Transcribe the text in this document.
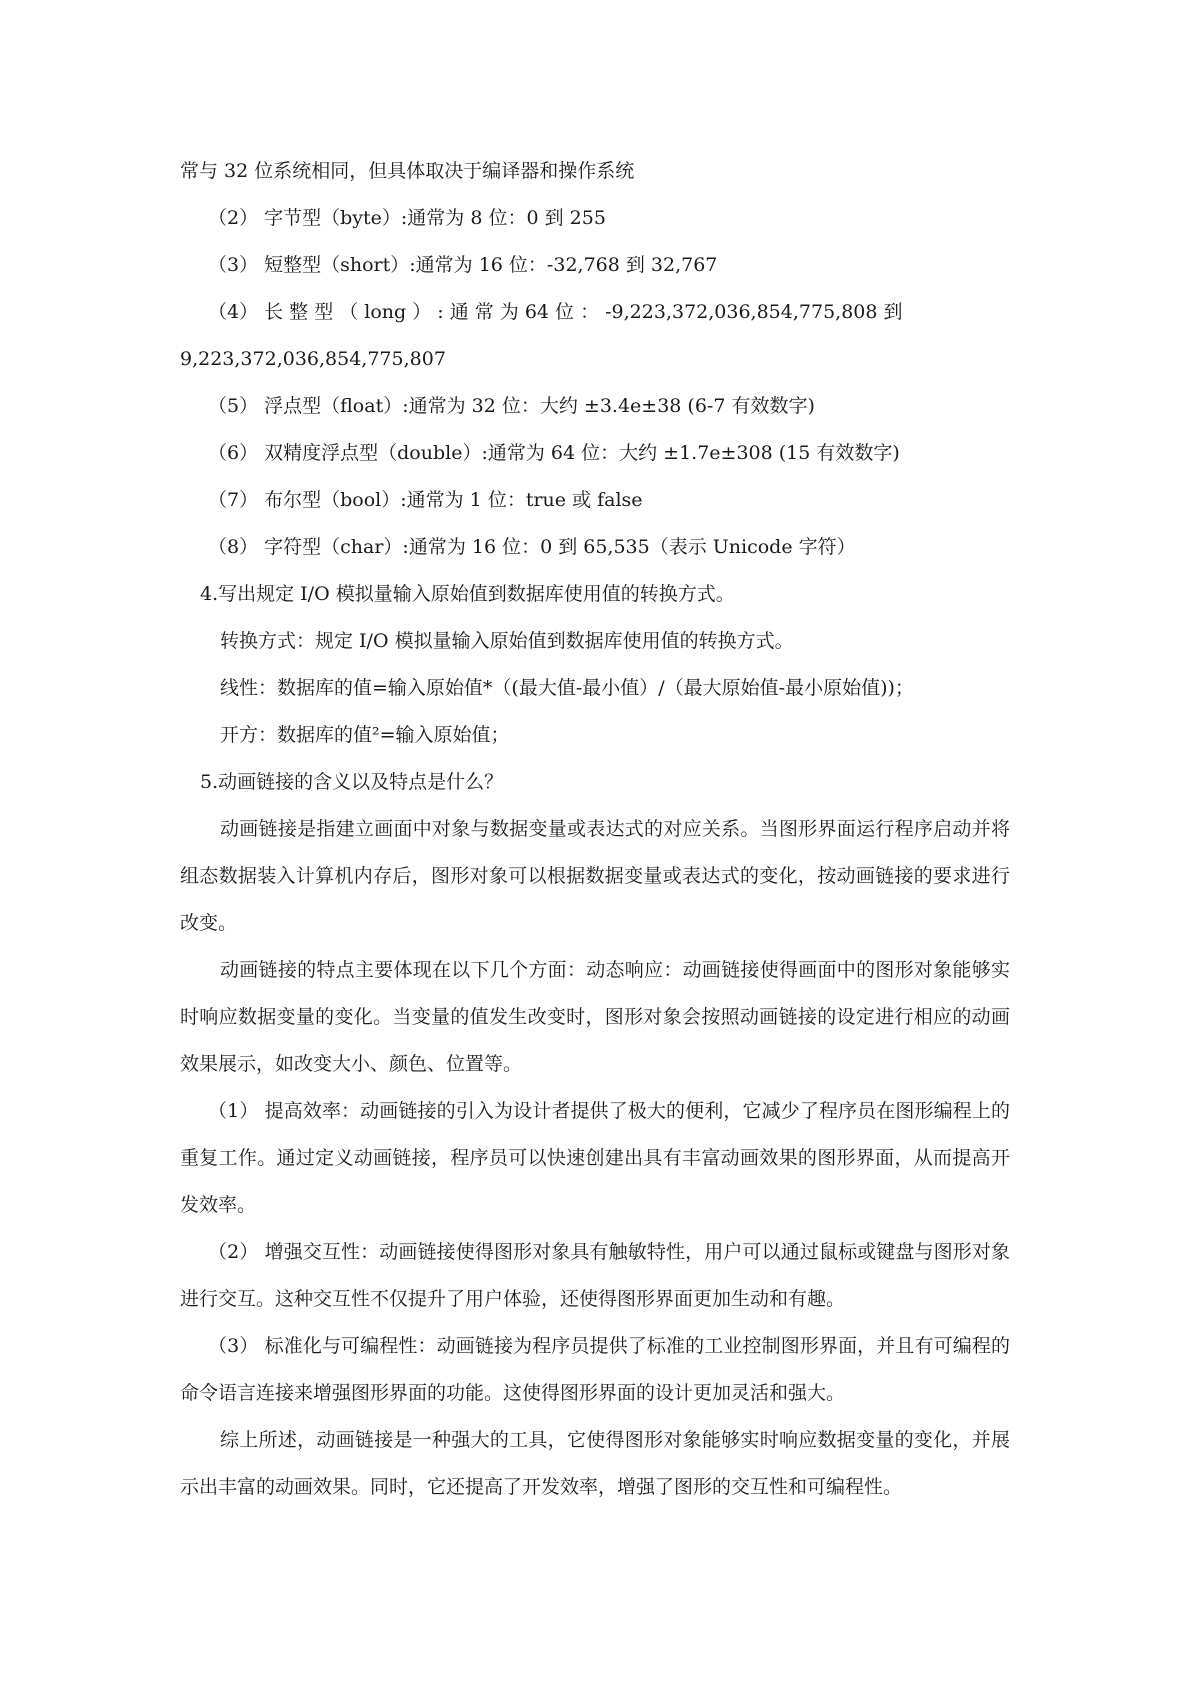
常与 32 位系统相同，但具体取决于编译器和操作系统

（2） 字节型（byte）:通常为 8 位：0 到 255

（3） 短整型（short）:通常为 16 位：-32,768 到 32,767

（4） 长 整 型 （ long ） : 通 常 为 64 位 ： -9,223,372,036,854,775,808 到

9,223,372,036,854,775,807

（5） 浮点型（float）:通常为 32 位：大约 ±3.4e±38 (6-7 有效数字)

（6） 双精度浮点型（double）:通常为 64 位：大约 ±1.7e±308 (15 有效数字)

（7） 布尔型（bool）:通常为 1 位：true 或 false

（8） 字符型（char）:通常为 16 位：0 到 65,535（表示 Unicode 字符）

4.写出规定 I/O 模拟量输入原始值到数据库使用值的转换方式。

转换方式：规定 I/O 模拟量输入原始值到数据库使用值的转换方式。

线性：数据库的值=输入原始值*（(最大值-最小值）/（最大原始值-最小原始值))；

开方：数据库的值²=输入原始值；

5.动画链接的含义以及特点是什么？

动画链接是指建立画面中对象与数据变量或表达式的对应关系。当图形界面运行程序启动并将组态数据装入计算机内存后，图形对象可以根据数据变量或表达式的变化，按动画链接的要求进行改变。

动画链接的特点主要体现在以下几个方面：动态响应：动画链接使得画面中的图形对象能够实时响应数据变量的变化。当变量的值发生改变时，图形对象会按照动画链接的设定进行相应的动画效果展示，如改变大小、颜色、位置等。

（1） 提高效率：动画链接的引入为设计者提供了极大的便利，它减少了程序员在图形编程上的重复工作。通过定义动画链接，程序员可以快速创建出具有丰富动画效果的图形界面，从而提高开发效率。

（2） 增强交互性：动画链接使得图形对象具有触敏特性，用户可以通过鼠标或键盘与图形对象进行交互。这种交互性不仅提升了用户体验，还使得图形界面更加生动和有趣。

（3） 标准化与可编程性：动画链接为程序员提供了标准的工业控制图形界面，并且有可编程的命令语言连接来增强图形界面的功能。这使得图形界面的设计更加灵活和强大。

综上所述，动画链接是一种强大的工具，它使得图形对象能够实时响应数据变量的变化，并展示出丰富的动画效果。同时，它还提高了开发效率，增强了图形的交互性和可编程性。
